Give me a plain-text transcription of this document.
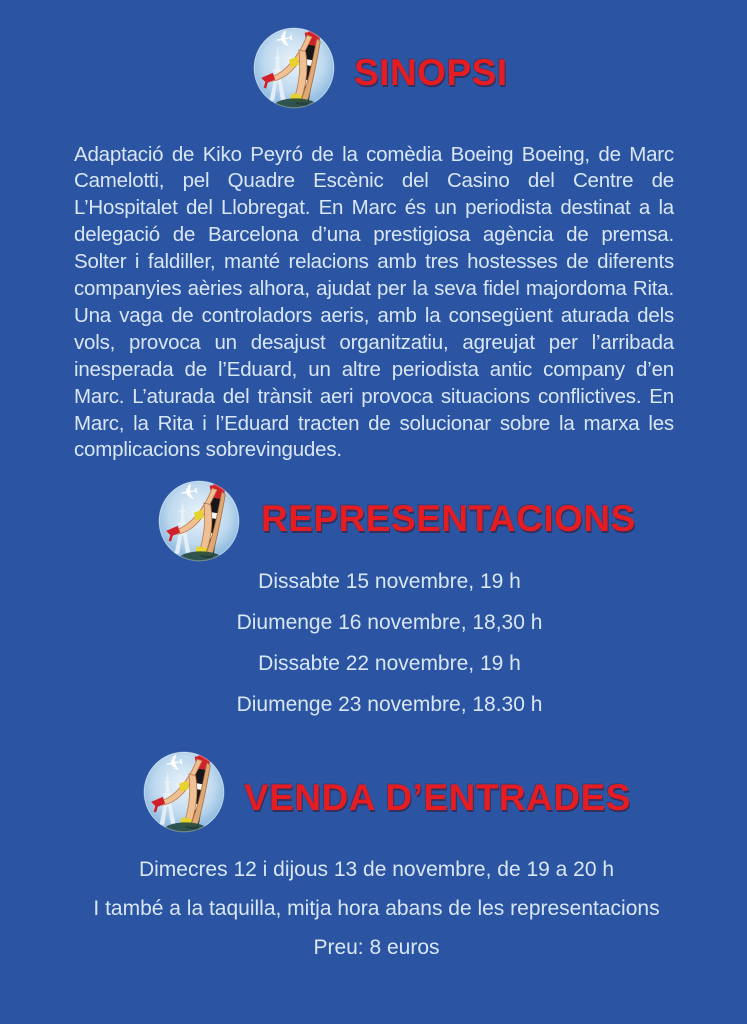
SINOPSI

Adaptació de Kiko Peyró de la comèdia Boeing Boeing, de Marc Camelotti, pel Quadre Escènic del Casino del Centre de L’Hospitalet del Llobregat. En Marc és un periodista destinat a la delegació de Barcelona d’una prestigiosa agència de premsa. Solter i faldiller, manté relacions amb tres hostesses de diferents companyies aèries alhora, ajudat per la seva fidel majordoma Rita. Una vaga de controladors aeris, amb la consegüent aturada dels vols, provoca un desajust organitzatiu, agreujat per l’arribada inesperada de l’Eduard, un altre periodista antic company d’en Marc. L’aturada del trànsit aeri provoca situacions conflictives. En Marc, la Rita i l’Eduard tracten de solucionar sobre la marxa les complicacions sobrevingudes.

REPRESENTACIONS
Dissabte 15 novembre, 19 h
Diumenge 16 novembre, 18,30 h
Dissabte 22 novembre, 19 h
Diumenge 23 novembre, 18.30 h
VENDA D’ENTRADES
Dimecres 12 i dijous 13 de novembre, de 19 a 20 h
I també a la taquilla, mitja hora abans de les representacions
Preu: 8 euros
